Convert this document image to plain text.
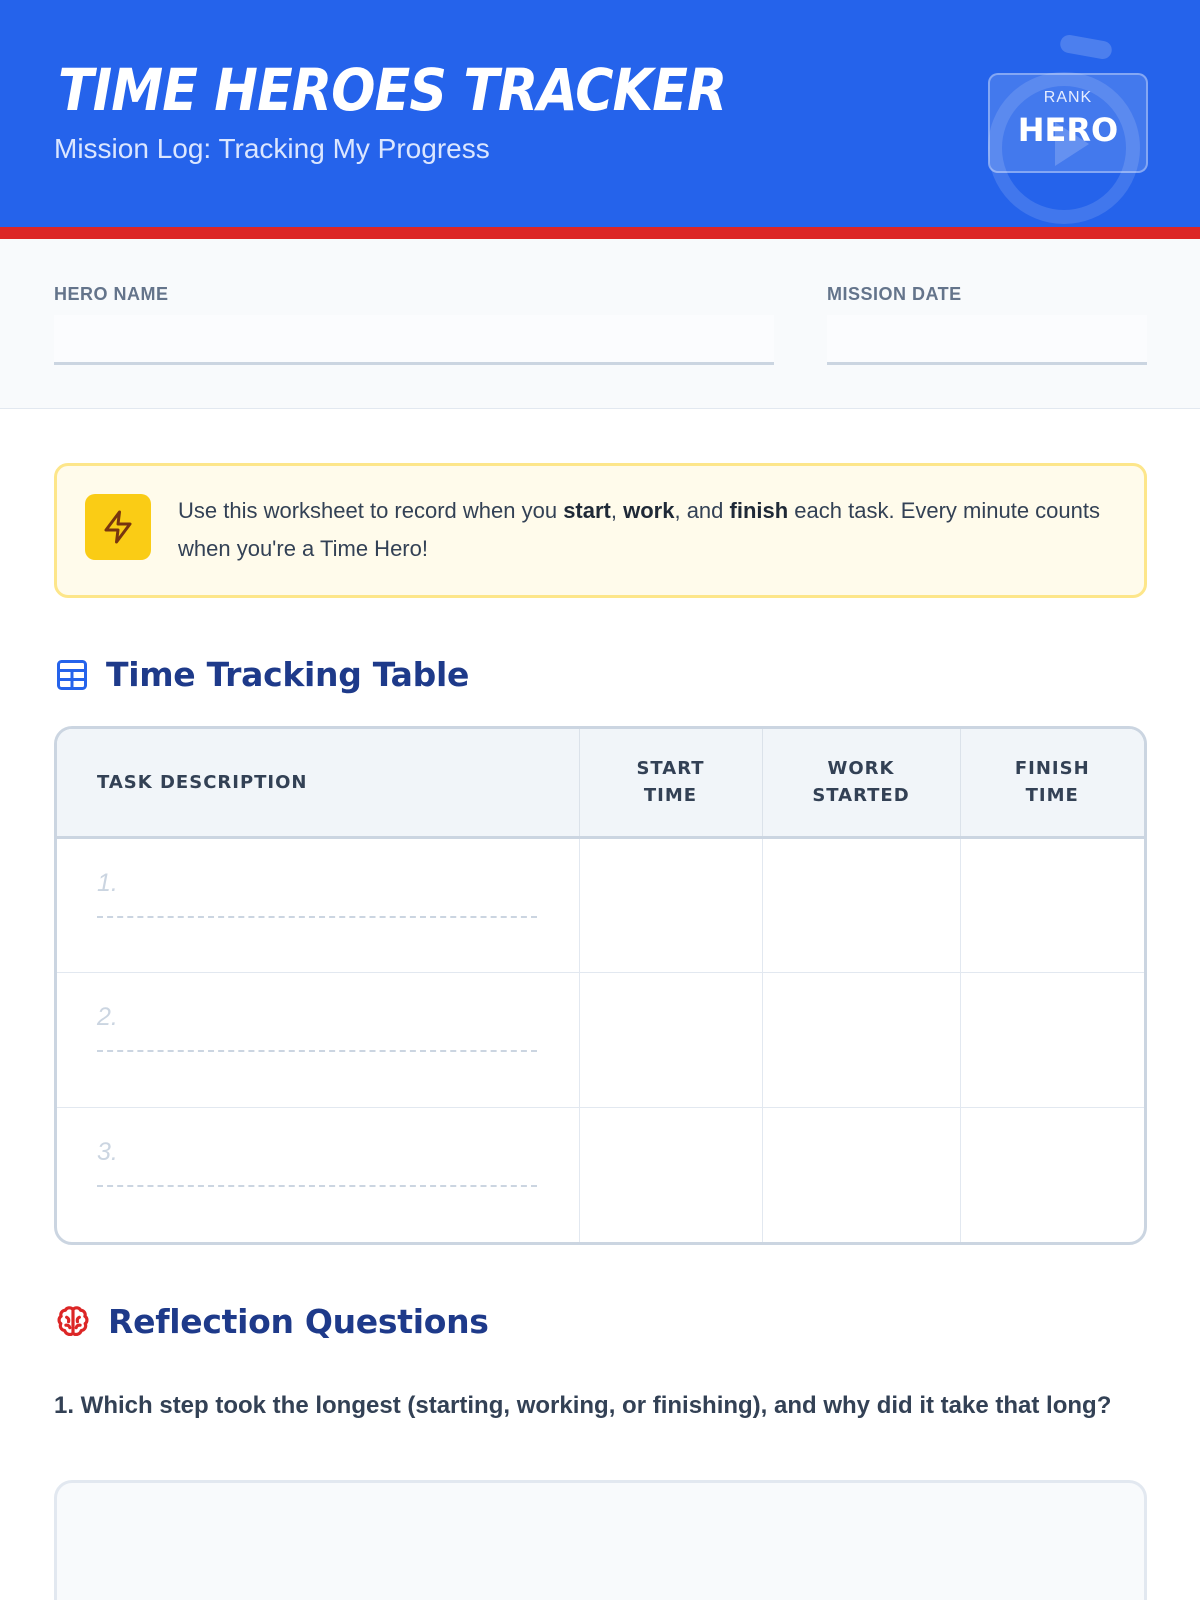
TIME HEROES TRACKER
Mission Log: Tracking My Progress
RANK
HERO
HERO NAME	MISSION DATE
Use this worksheet to record when you start, work, and finish each task. Every minute counts when you're a Time Hero!
Time Tracking Table
TASK DESCRIPTION	START TIME	WORK STARTED	FINISH TIME

1.			

2.			

3.			

Reflection Questions
1. Which step took the longest (starting, working, or finishing), and why did it take that long?
